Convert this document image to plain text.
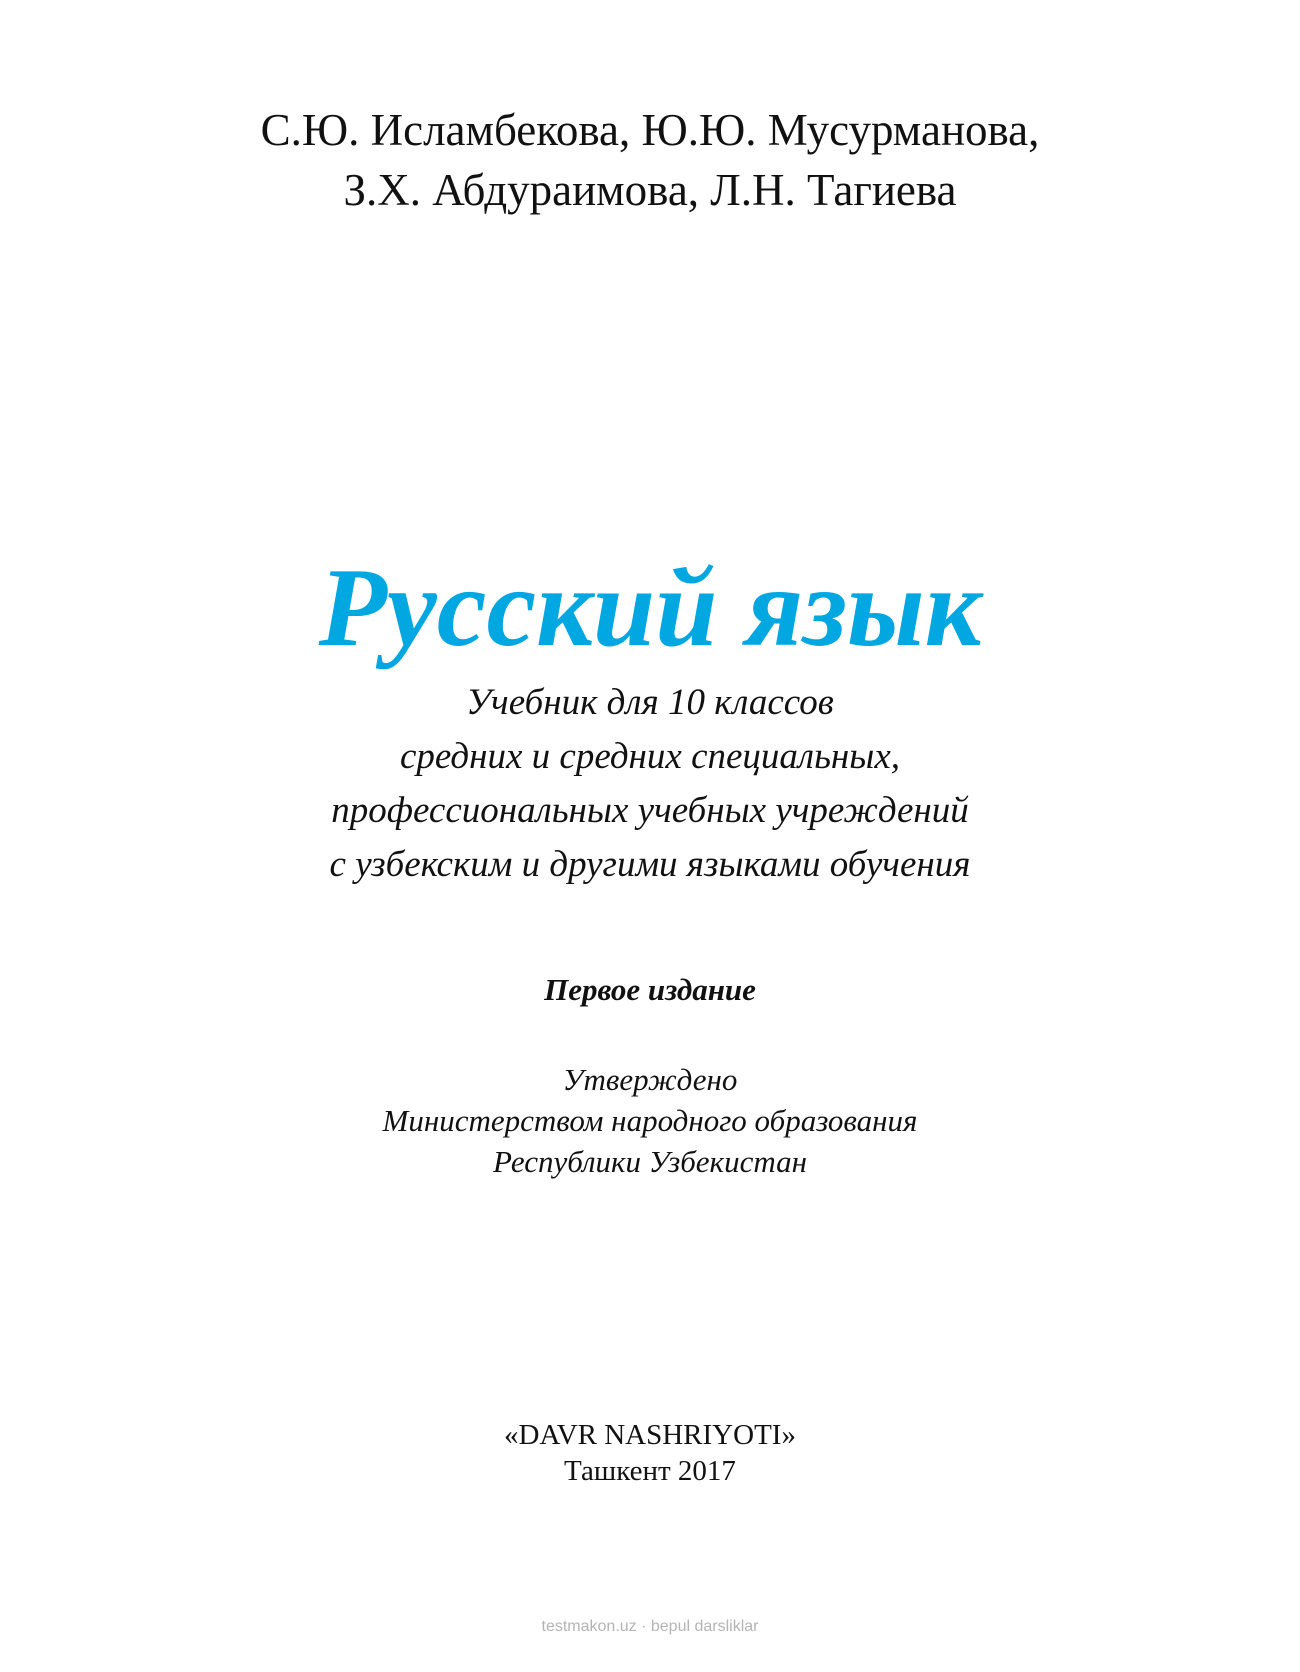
С.Ю. Исламбекова, Ю.Ю. Мусурманова,
З.Х. Абдураимова, Л.Н. Тагиева
Русский язык
Учебник для 10 классов
средних и средних специальных,
профессиональных учебных учреждений
с узбекским и другими языками обучения
Первое издание
Утверждено
Министерством народного образования
Республики Узбекистан
«DAVR NASHRIYOTI»
Ташкент 2017
testmakon.uz · bepul darsliklar
